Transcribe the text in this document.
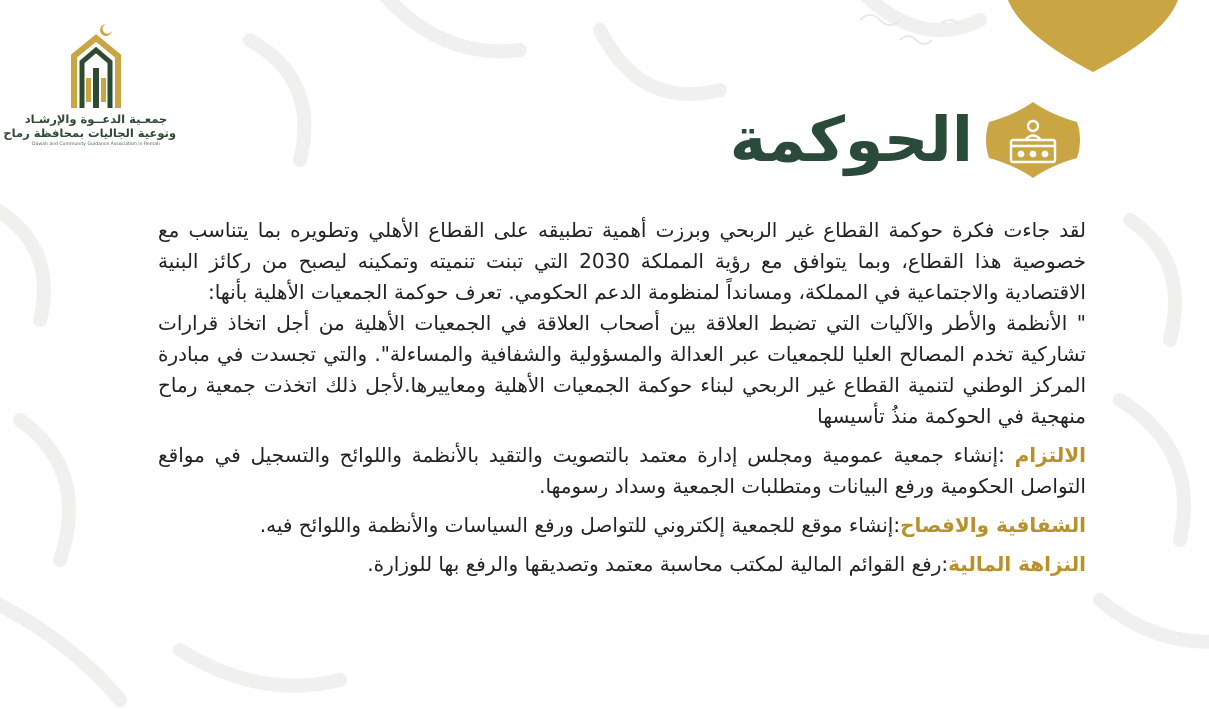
جمعـية الدعــوة والإرشـاد
وتوعية الجاليات بمحافظة رماح
Dawah and Community Guidance Association in Remah	الحوكمة

لقد جاءت فكرة حوكمة القطاع غير الربحي وبرزت أهمية تطبيقه على القطاع الأهلي وتطويره بما يتناسب مع خصوصية هذا القطاع، وبما يتوافق مع رؤية المملكة 2030 التي تبنت تنميته وتمكينه ليصبح من ركائز البنية الاقتصادية والاجتماعية في المملكة، ومسانداً لمنظومة الدعم الحكومي. تعرف حوكمة الجمعيات الأهلية بأنها:

" الأنظمة والأطر والآليات التي تضبط العلاقة بين أصحاب العلاقة في الجمعيات الأهلية من أجل اتخاذ قرارات تشاركية تخدم المصالح العليا للجمعيات عبر العدالة والمسؤولية والشفافية والمساءلة". والتي تجسدت في مبادرة المركز الوطني لتنمية القطاع غير الربحي لبناء حوكمة الجمعيات الأهلية ومعاييرها.لأجل ذلك اتخذت جمعية رماح منهجية في الحوكمة منذُ تأسيسها

الالتزام :إنشاء جمعية عمومية ومجلس إدارة معتمد بالتصويت والتقيد بالأنظمة واللوائح والتسجيل في مواقع التواصل الحكومية ورفع البيانات ومتطلبات الجمعية وسداد رسومها.
الشفافية والافصاح:إنشاء موقع للجمعية إلكتروني للتواصل ورفع السياسات والأنظمة واللوائح فيه.
النزاهة المالية:رفع القوائم المالية لمكتب محاسبة معتمد وتصديقها والرفع بها للوزارة.
